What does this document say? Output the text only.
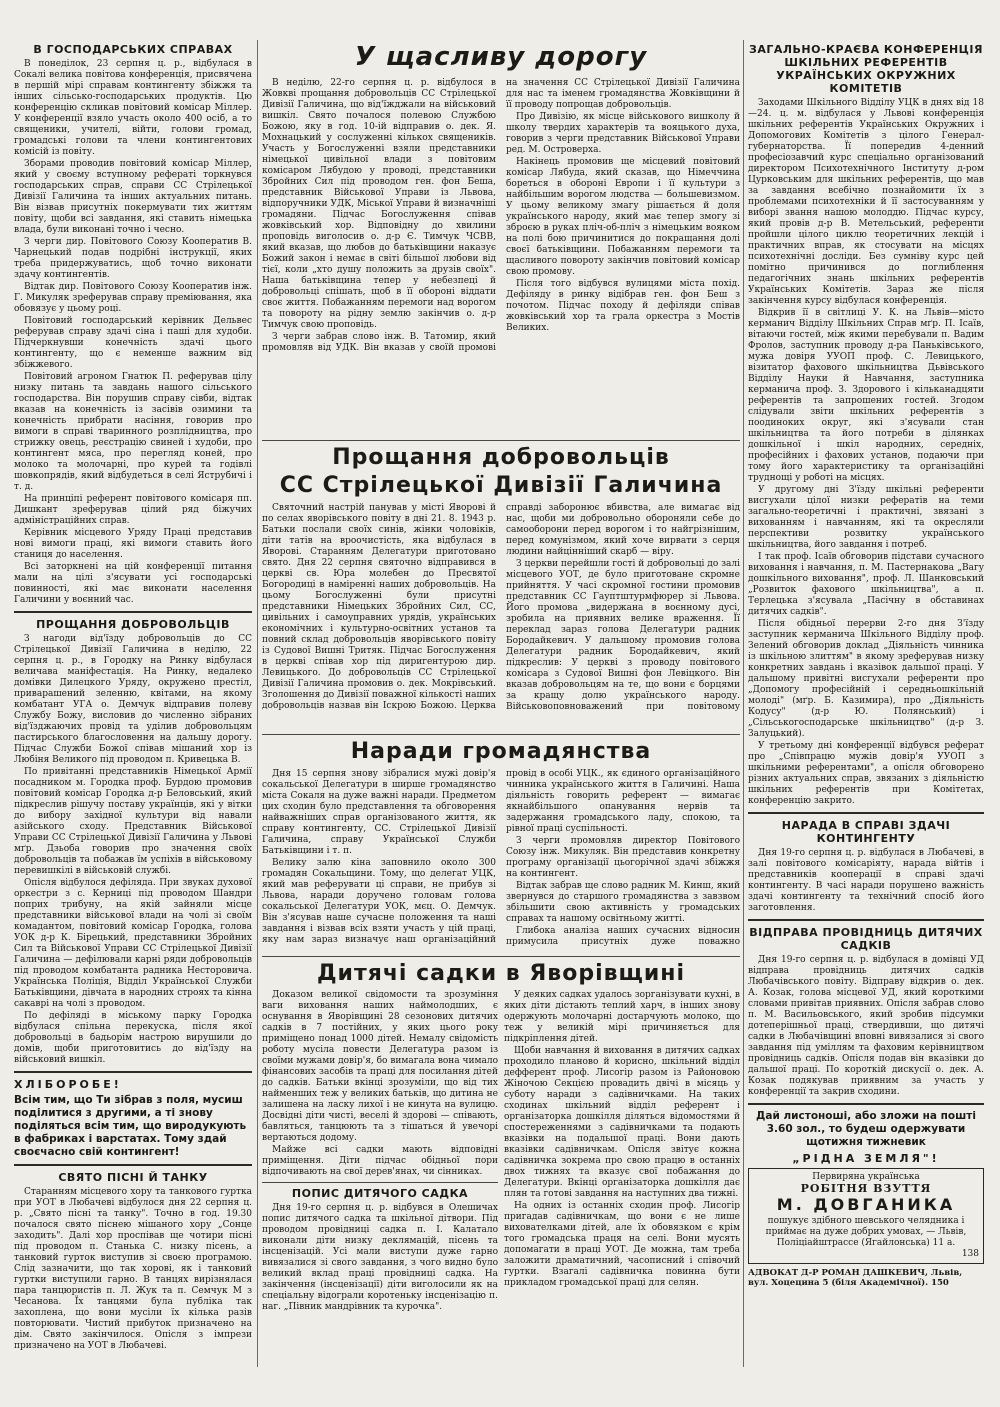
В ГОСПОДАРСЬКИХ СПРАВАХ

В понеділок, 23 серпня ц. р., відбулася в Сокалі велика повітова конференція, присвячена в першій мірі справам контингенту збіжжя та інших сільсько-господарських продуктів. Цю конференцію скликав повітовий комісар Міллер. У конференції взяло участь около 400 осіб, а то священики, учителі, війти, голови громад, громадські голови та члени контингентових комісій із повіту.

Зборами проводив повітовий комісар Міллер, який у своєму вступному рефераті торкнувся господарських справ, справи СС Стрілецької Дивізії Галичина та інших актуальних питань. Він візвав присутніх покермувати тих життям повіту, щоби всі завдання, які ставить німецька влада, були виконані точно і чесно.

З черги дир. Повітового Союзу Кооператив В. Чарнецький подав подрібні інструкції, яких треба придержуватись, щоб точно виконати здачу контингентів.

Відтак дир. Повітового Союзу Кооператив інж. Г. Микуляк зреферував справу преміювання, яка обовязує у цьому році.

Повітовий господарський керівник Дельвес реферував справу здачі сіна і паші для худоби. Підчеркнувши конечність здачі цього контингенту, що є неменше важним від збіжжевого.

Повітовий агроном Гнатюк П. реферував цілу низку питань та завдань нашого сільського господарства. Він порушив справу сівби, відтак вказав на конечність із засівів озимини та конечність прибрати насіння, говорив про вимоги в справі тваринного розплідництва, про стрижку овець, реєстрацію свиней і худоби, про контингент мяса, про перегляд коней, про молоко та молочарні, про курей та годівлі шовкопрядів, який відбудеться в селі Яструбичі і т. д.

На принціпі референт повітового комісаря пп. Дишкант зреферував цілий ряд біжучих адміністраційних справ.

Керівник місцевого Уряду Праці представив нові вимоги праці, які вимоги ставить його станиця до населення.

Всі заторкнені на цій конференції питання мали на цілі з'ясувати усі господарські повинності, які має виконати населення Галичини у воєнний час.

ПРОЩАННЯ ДОБРОВОЛЬЦІВ

З нагоди від'їзду добровольців до СС Стрілецької Дивізії Галичина в неділю, 22 серпня ц. р., в Городку на Ринку відбулася величава маніфестація. На Ринку, недалеко домівки Дилецкого Уряду, окружено престіл, приварашений зеленню, квітами, на якому комбатант УГА о. Демчук відправив полеву Службу Божу, висловив до численно зібраних від'їзджаючих провід та уділив добровольцям пастирського благословення на дальшу дорогу. Підчас Служби Божої співав мішаний хор із Любіня Великого під проводом п. Кривецька В.

По привітанні представників Німецької Армії посадником м. Городка проф. Бурдою промовив повітовий комісар Городка д-р Беловський, який підкреслив рішучу поставу українців, які у вітки до вибору західної культури від навали азійського сходу. Представник Військової Управи СС Стрілецької Дивізії Галичина у Львові мґр. Дзьоба говорив про значення своїх добровольців та побажав їм успіхів в військовому перевишкілі в військовій службі.

Опісля відбулося дефіляда. При звуках духової оркестри з с. Керниці під проводом Шандри поприх трибуну, на якій зайняли місце представники військової влади на чолі зі своїм комадантом, повітовий комісар Городка, голова УОК д-р К. Бірецький, представники Збройних Сил та Військової Управи СС Стрілецької Дивізії Галичина — дефілювали карні ряди добровольців під проводом комбатанта радника Несторовича. Українська Поліція, Відділ Української Служби Батьківщини, дівчата в народних строях та кінна сакаврі на чолі з проводом.

По дефіляді в міському парку Городка відбулася спільна перекуска, після якої добровольці в бадьорім настрою вирушили до домів, щоби приготовитись до від'їзду на військовий вишкіл.

ХЛІБОРОБЕ!
Всім тим, що Ти зібрав з поля, мусиш поділитися з другими, а ті знову поділяться всім тим, що виродукують в фабриках і варстатах. Тому здай своєчасно свій контингент!
СВЯТО ПІСНІ Й ТАНКУ

Старанням місцевого хору та танкового гуртка при УОТ в Любачеві відбулося дня 22 серпня ц. р. „Свято пісні та танку". Точно в год. 19.30 почалося свято піснею мішаного хору „Сонце заходить". Далі хор проспівав ще чотири пісні під проводом п. Станька С. низку пісень, а танковий гурток виступив зі своєю програмою. Слід зазначити, що так хорові, як і танковий гуртки виступили гарно. В танцях вирізнялася пара танцюристів п. Л. Жук та п. Семчук М з Чесанова. Їх танцями була публіка так захоплена, що вони мусіли їх кілька разів повторювати. Чистий прибуток призначено на дім. Свято закінчилося. Опісля з імпрези призначено на УОТ в Любачеві.

У щасливу дорогу

В неділю, 22-го серпня ц. р. відбулося в Жовкві прощання добровольців СС Стрілецької Дивізії Галичина, що від'їжджали на військовий вишкіл. Свято почалося полевою Службою Божою, яку в год. 10-ій відправив о. дек. Я. Мохнацький у сослуженні кількох священиків. Участь у Богослуженні взяли представники німецької цивільної влади з повітовим комісаром Лябудою у проводі, представники Збройних Сил під проводом ген. фон Беша, представник Військової Управи із Львова, відпоручники УДК, Міської Управи й визначніші громадяни. Підчас Богослуження співав жовківський хор. Відповідну до хвилини проповідь виголосив о. д-р Є. Тимчук ЧСВВ, який вказав, що любов до батьківщини наказує Божий закон і немає в світі більшої любови від тієї, коли „хто душу положить за друзів своїх". Нашa батьківщина тепер у небезпеці й добровольці спішать, щоб в її обороні віддати своє життя. Побажанням перемоги над ворогом та повороту на рідну землю закінчив о. д-р Тимчук свою проповідь.

З черги забрав слово інж. В. Татомир, який промовляв від УДК. Він вказав у своїй промові на значення СС Стрілецької Дивізії Галичина для нас та іменем громадянства Жовківщини й її проводу попрощав добровольців.

Про Дивізію, як місце військового вишколу й школу твердих характерів та вояцького духа, говорив з черги представник Військової Управи ред. М. Островерха.

Накінець промовив ще місцевий повітовий комісар Лябуда, який сказав, що Німеччина бореться в обороні Европи і її культури з найбільшим ворогом людства — большевизмом. У цьому великому змагу рішається й доля українського народу, який має тепер змогу зі зброєю в руках пліч-об-пліч з німецьким вояком на полі бою причинитися до покращання долі своєї батьківщини. Побажанням перемоги та щасливого повороту закінчив повітовий комісар свою промову.

Після того відбувся вулицями міста похід. Дефіляду в ринку відібрав ген. фон Беш з почотом. Підчас походу й дефіляди співав жовківський хор та грала оркестра з Мостів Великих.

Прощання добровольців
СС Стрілецької Дивізії Галичина

Святочний настрій панував у місті Яворові й по селах яворівського повіту в дні 21. 8. 1943 р. Батьки послали своїх синів, жінки чоловіків, діти татів на вроочистість, яка відбулася в Яворові. Старанням Делегатури приготовано свято. Дня 22 серпня святочно відправився в церкві св. Юра молебен до Пресвятої Богородиці в наміренні наших добровольців. На цьому Богослуженні були присутні представники Німецьких Збройних Сил, СС, цивільних і самоуправних урядів, українських економічних і культурно-освітних установ та повний склад добровольців яворівського повіту із Судової Вишні Тритяк. Підчас Богослуження в церкві співав хор під диригентурою дир. Левицького. До добровольців СС Стрілецької Дивізії Галичина промовив о. дек. Мокрівський. Зголошення до Дивізії поважної кількості наших добровольців назвав він Іскрою Божою. Церква справді заборонює вбивства, але вимагає від нас, щоби ми добровольно обороняли себе до самооборони перед ворогом і то найгрізнішим, перед комунізмом, який хоче вирвати з серця людини найцінніший скарб — віру.

З церкви перейшли гості й добровольці до залі місцевого УОТ, де було приготоване скромне прийняття. У часі скромної гостини промовив представник СС Гауптштурмфюрер зі Львова. Його промова „видержана в воєнному дусі, зробила на приявних велике враження. Її переклад зараз голова Делегатури радник Бородайкевич. У дальшому промовив голова Делегатури радник Бородайкевич, який підкреслив: У церкві з проводу повітового комісара з Судової Вишні фон Левіцкого. Він вказав добровольцям на те, що вони є борцями за кращу долю українського народу. Військовоповноважений при повітовому

Наради громадянства

Дня 15 серпня знову зібралися мужі довір'я сокальської Делегатури в ширше громадянство міста Сокаля на дуже важні наради. Предметом цих сходин було представлення та обговорення найважніших справ організованого життя, як справу контингенту, СС. Стрілецької Дивізії Галичина, справу Української Служби Батьківщини і т. п.

Велику залю кіна заповнило около 300 громадян Сокальщини. Тому, що делегат УЦК, який мав реферувати ці справи, не прибув зі Львова, наради доручено головам голова сокальської Делегатури УОК, мєц. О. Демчук. Він з'ясував наше сучасне положення та наші завдання і візвав всіх взяти участь у цій праці, яку нам зараз визначує наш організаційний провід в особі УЦК., як єдиного організаційного чинника українського життя в Галичині. Наша діяльність говорить референт — вимагає якнайбільшого опанування нервів та задержання громадського ладу, спокою, та рівної праці суспільності.

З черги промовляв директор Повітового Союзу інж. Микуляк. Він представив конкретну програму організації цьогорічної здачі збіжжя на контингент.

Відтак забрав ще слово радник М. Кинш, який звернувся до старшого громадянства з завзвом збільшити свою активність у громадських справах та нашому освітньому житті.

Глибока аналіза наших сучасних відносин примусила присутніх дуже поважно

Дитячі садки в Яворівщині

Доказом великої свідомости та зрозуміння ваги виховання наших наймолодших, є оснування в Яворівщині 28 сезонових дитячих садків в 7 постійних, у яких цього року приміщено понад 1000 дітей. Немалу свідомість роботу мусіла повести Делегатура разом із своїми мужами довір'я, бо вимагала вона чимало фінансових засобів та праці для посилання дітей до садків. Батьки вкінці зрозуміли, що від тих найменших теж у великих батьків, що дитина не залишена на ласку лихої і не кинута на вулицю. Досвідні діти чисті, веселі й здорові — співають, бавляться, танцюють та з тішаться й увечорі вертаються додому.

Майже всі садки мають відповідні приміщення. Діти підчас обідньої пори відпочивають на свої дерев'янах, чи сінниках.

ПОПИС ДИТЯЧОГО САДКА

Дня 19-го серпня ц. р. відбувся в Олешичах попис дитячого садка та шкільної дітвори. Під проводом провідниці садка п. І. Калатало виконали діти низку деклямацій, пісень та інсценізацій. Усі мали виступи дуже гарно вивязалися зі свого завдання, з чого видно було великий вклад праці провідниці садка. На закінчення (інсценізації) діти виголосили як на спеціальну відограли коротеньку інсценізацію п. наг. „Півник мандрівник та курочка".

У деяких садках удалось зорганізувати кухні, в яких діти дістають теплий харч, в інших знову одержують молочарні достарчують молоко, що теж у великій мірі причиняється для підкріплення дітей.

Щоби навчання й виховання в дитячих садках проходило планово й корисно, шкільний відділ дефферент проф. Лисогір разом із Районовою Жіночою Секцією провадить двічі в місяць у суботу наради з садівничками. На таких сходинах шкільний відділ референт і організаторка дошкілля діляться відомостями й спостереженнями з садівничками та подають вказівки на подальшої праці. Вони дають вказівки садівничкам. Опісля звітує кожна садівничка зокрема про свою працю в останніх двох тижнях та вказує свої побажання до Делегатури. Вкінці організаторка дошкілля дає плян та готові завдання на наступних два тижні.

На одних із останніх сходин проф. Лисогір пригадав садівничкам, що вони є не лише вихователками дітей, але їх обовязком є крім того громадська праця на селі. Вони мусять допомагати в праці УОТ. Де можна, там треба заложити драматичний, часописний і співочий гуртки. Взагалі садівничка повинна бути прикладом громадської праці для селян.

ЗАГАЛЬНО-КРАЄВА КОНФЕРЕНЦІЯ ШКІЛЬНИХ РЕФЕРЕНТІВ УКРАЇНСЬКИХ ОКРУЖНИХ КОМІТЕТІВ

Заходами Шкільного Відділу УЦК в днях від 18—24. ц. м. відбулася у Львові конференція шкільних референтів Українських Окружних і Допомогових Комітетів з цілого Генерал-губернаторства. Її попередив 4-денний професіозавчий курс спеціально організований директором Психотехнічного Інституту д-ром Цурковським для шкільних референтів, що мав за завдання всебічно познайомити їх з проблемами психотехніки й її застосуванням у виборі звання нашою молоддю. Підчас курсу, який провів д-р В. Метельський, референти пройшли цілого циклю теоретичних лекцій і практичних вправ, як стосувати на місцях психотехнічні досліди. Без сумніву курс цей помітно причинився до поглиблення педагогічних знань шкільних референтів Українських Комітетів. Зараз же після закінчення курсу відбулася конференція.

Відкрив її в світлиці У. К. на Львів—місто керманич Відділу Шкільних Справ мґр. П. Ісаїв, вітаючи гостей, між якими перебували п. Вадим Фролов, заступник проводу д-ра Паньківського, мужа довіря УУОП проф. С. Левицького, візитатор фахового шкільництва Дьвівського Відділу Науки й Навчання, заступника керманича проф. З. Здорового і кільканадцяти референтів та запрошених гостей. Згодом слідували звіти шкільних референтів з поодиноких округ, які з'ясували стан шкільництва та його потреби в ділянках дошкільної і шкіл народних, середніх, професійних і фахових установ, подаючи при тому його характеристику та організаційні труднощі у роботі на місцях.

У другому дні З'їзду шкільні референти висгухали цілої низки рефератів на теми загально-теоретичні і практичні, звязані з вихованням і навчанням, які та окресляли перспективи розвитку українського шкільництва, його завдання і потреб.

І так проф. Ісаїв обговорив підстави сучасного виховання і навчання, п. М. Пастернакова „Вагу дошкільного виховання", проф. Л. Шанковський „Розвиток фахового шкільництва", а п. Терлецька з'ясувала „Пасічну в обставинах дитячих садків".

Після обідньої перерви 2-го дня З'їзду заступник керманича Шкільного Відділу проф. Зелений обговорив доклад „Діяльність чинника із шкільною злиттям" в якому зреферував низку конкретних завдань і вказівок дальшої праці. У дальшому привітні висгухали референти про „Допомогу професійній і середньошкільній молоді" (мґр. Б. Казимира), про „Діяльність Кодусу" (д-р Ю. Полянський) і „Сільськогосподарське шкільництво" (д-р З. Залуцький).

У третьому дні конференції відбувся реферат про „Співпрацю мужів довір'я УУОП з шкільними референтами", а опісля обговорено різних актуальних справ, звязаних з діяльністю шкільних референтів при Комітетах, конференцію закрито.

НАРАДА В СПРАВІ ЗДАЧІ КОНТИНГЕНТУ

Дня 19-го серпня ц. р. відбулася в Любачеві, в залі повітового комісаріяту, нарада війтів і представників кооперації в справі здачі контингенту. В часі наради порушено важність здачі контингенту та технічний спосіб його заготовлення.

ВІДПРАВА ПРОВІДНИЦЬ ДИТЯЧИХ САДКІВ

Дня 19-го серпня ц. р. відбулася в домівці УД відправа провідниць дитячих садків Любачівського повіту. Відправу відкрив о. дек. А. Козак, голова місцевої УД, який короткими словами привітав приявних. Опісля забрав слово п. М. Васильовського, який зробив підсумки дотеперішньої праці, ствердивши, що дитячі садки в Любачівщині вповні вивязалися зі свого завдання під уміллям та фаховим керівництвом провідниць садків. Опісля подав він вказівки до дальшої праці. По короткій дискусії о. дек. А. Козак подякував приявним за участь у конференції та закрив сходини.

Дай листоноші, або зложи на пошті 3.60 зол., то будеш одержувати щотижня тижневик
„РІДНА ЗЕМЛЯ"!
Первиряна українська
РОБІТНЯ ВЗУТТЯ
М. ДОВГАНИКА
пошукує здібного шевського челядника і приймає на дуже добрих умовах, — Львів, Поліціайштрассе (Ягайлонська) 11 а.
138
АДВОКАТ Д-Р РОМАН ДАШКЕВИЧ, Львів, вул. Хоцецина 5 (біля Академічної). 150
